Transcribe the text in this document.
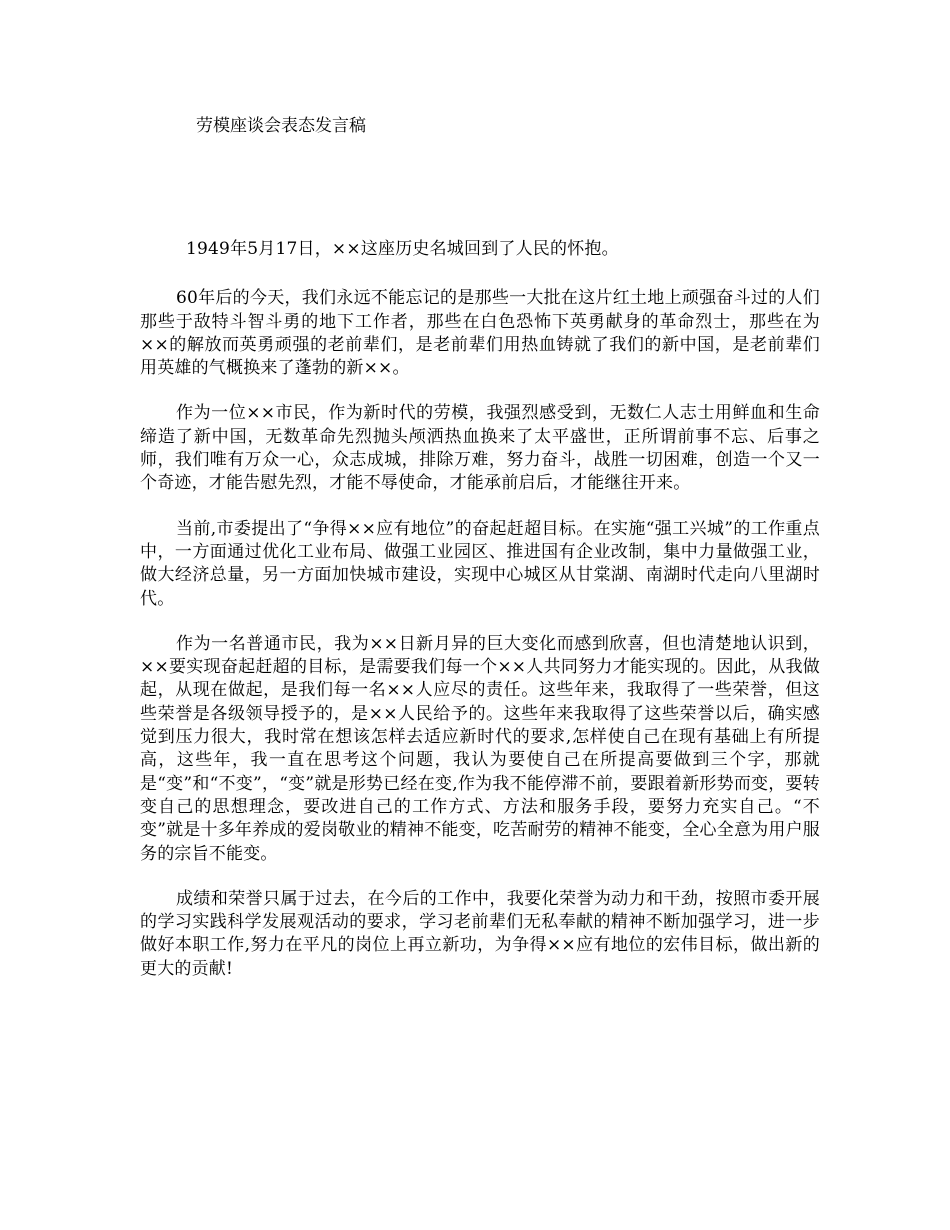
劳模座谈会表态发言稿

1949年5月17日，××这座历史名城回到了人民的怀抱。

60年后的今天，我们永远不能忘记的是那些一大批在这片红土地上顽强奋斗过的人们那些于敌特斗智斗勇的地下工作者，那些在白色恐怖下英勇献身的革命烈士，那些在为××的解放而英勇顽强的老前辈们，是老前辈们用热血铸就了我们的新中国，是老前辈们用英雄的气概换来了蓬勃的新××。

作为一位××市民，作为新时代的劳模，我强烈感受到，无数仁人志士用鲜血和生命缔造了新中国，无数革命先烈抛头颅洒热血换来了太平盛世，正所谓前事不忘、后事之师，我们唯有万众一心，众志成城，排除万难，努力奋斗，战胜一切困难，创造一个又一个奇迹，才能告慰先烈，才能不辱使命，才能承前启后，才能继往开来。

当前,市委提出了“争得××应有地位”的奋起赶超目标。在实施“强工兴城”的工作重点中，一方面通过优化工业布局、做强工业园区、推进国有企业改制，集中力量做强工业，做大经济总量，另一方面加快城市建设，实现中心城区从甘棠湖、南湖时代走向八里湖时代。

作为一名普通市民，我为××日新月异的巨大变化而感到欣喜，但也清楚地认识到，××要实现奋起赶超的目标，是需要我们每一个××人共同努力才能实现的。因此，从我做起，从现在做起，是我们每一名××人应尽的责任。这些年来，我取得了一些荣誉，但这些荣誉是各级领导授予的，是××人民给予的。这些年来我取得了这些荣誉以后，确实感觉到压力很大，我时常在想该怎样去适应新时代的要求,怎样使自己在现有基础上有所提高，这些年，我一直在思考这个问题，我认为要使自己在所提高要做到三个字，那就是“变”和“不变”，“变”就是形势已经在变,作为我不能停滞不前，要跟着新形势而变，要转变自己的思想理念，要改进自己的工作方式、方法和服务手段，要努力充实自己。“不变”就是十多年养成的爱岗敬业的精神不能变，吃苦耐劳的精神不能变，全心全意为用户服务的宗旨不能变。

成绩和荣誉只属于过去，在今后的工作中，我要化荣誉为动力和干劲，按照市委开展的学习实践科学发展观活动的要求，学习老前辈们无私奉献的精神不断加强学习，进一步做好本职工作,努力在平凡的岗位上再立新功，为争得××应有地位的宏伟目标，做出新的更大的贡献!
